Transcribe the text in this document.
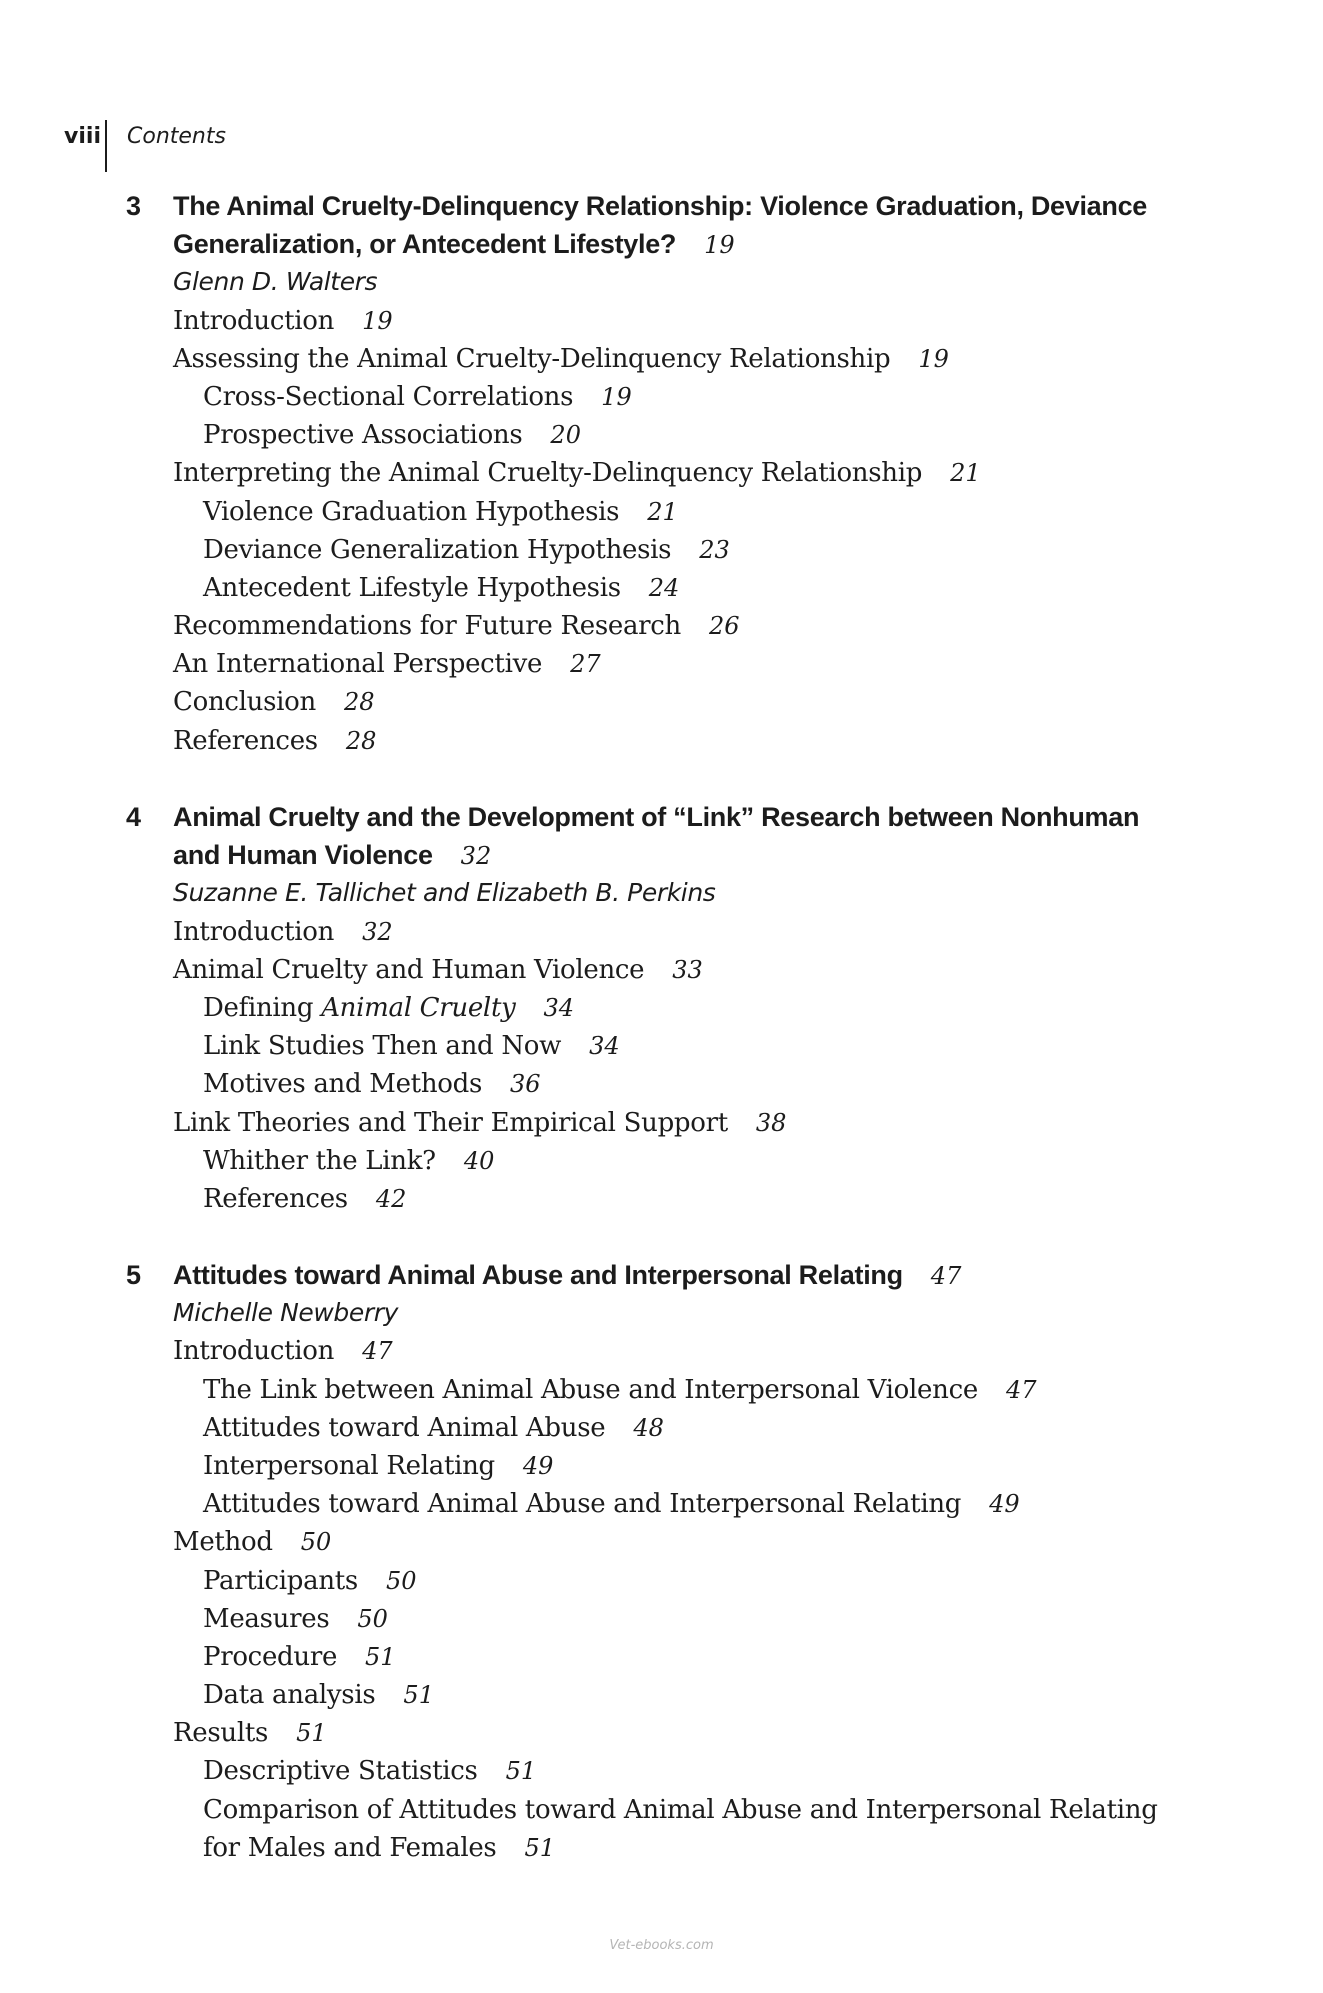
viii Contents
3 The Animal Cruelty-Delinquency Relationship: Violence Graduation, Deviance
Generalization, or Antecedent Lifestyle? 19
Glenn D. Walters
Introduction 19
Assessing the Animal Cruelty-Delinquency Relationship 19
Cross-Sectional Correlations 19
Prospective Associations 20
Interpreting the Animal Cruelty-Delinquency Relationship 21
Violence Graduation Hypothesis 21
Deviance Generalization Hypothesis 23
Antecedent Lifestyle Hypothesis 24
Recommendations for Future Research 26
An International Perspective 27
Conclusion 28
References 28
4 Animal Cruelty and the Development of “Link” Research between Nonhuman
and Human Violence 32
Suzanne E. Tallichet and Elizabeth B. Perkins
Introduction 32
Animal Cruelty and Human Violence 33
Defining Animal Cruelty 34
Link Studies Then and Now 34
Motives and Methods 36
Link Theories and Their Empirical Support 38
Whither the Link? 40
References 42
5 Attitudes toward Animal Abuse and Interpersonal Relating 47
Michelle Newberry
Introduction 47
The Link between Animal Abuse and Interpersonal Violence 47
Attitudes toward Animal Abuse 48
Interpersonal Relating 49
Attitudes toward Animal Abuse and Interpersonal Relating 49
Method 50
Participants 50
Measures 50
Procedure 51
Data analysis 51
Results 51
Descriptive Statistics 51
Comparison of Attitudes toward Animal Abuse and Interpersonal Relating
for Males and Females 51
Vet-ebooks.com
